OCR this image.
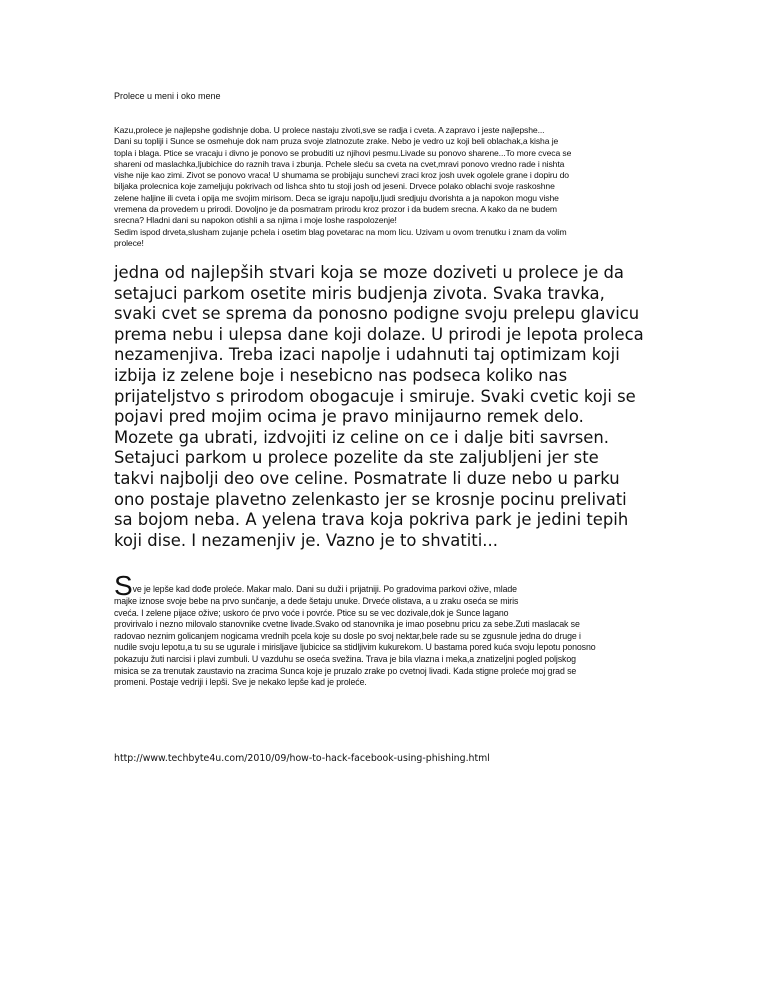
Prolece u meni i oko mene

Kazu,prolece je najlepshe godishnje doba. U prolece nastaju zivoti,sve se radja i cveta. A zapravo i jeste najlepshe...
Dani su topliji i Sunce se osmehuje dok nam pruza svoje zlatnozute zrake. Nebo je vedro uz koji beli oblachak,a kisha je
topla i blaga. Ptice se vracaju i divno je ponovo se probuditi uz njihovi pesmu.Livade su ponovo sharene...To more cveca se
shareni od maslachka,ljubichice do raznih trava i zbunja. Pchele sleću sa cveta na cvet,mravi ponovo vredno rade i nishta
vishe nije kao zimi. Zivot se ponovo vraca! U shumama se probijaju sunchevi zraci kroz josh uvek ogolele grane i dopiru do
biljaka prolecnica koje zameljuju pokrivach od lishca shto tu stoji josh od jeseni. Drvece polako oblachi svoje raskoshne
zelene haljine ili cveta i opija me svojim mirisom. Deca se igraju napolju,ljudi sredjuju dvorishta a ja napokon mogu vishe
vremena da provedem u prirodi. Dovoljno je da posmatram prirodu kroz prozor i da budem srecna. A kako da ne budem
srecna? Hladni dani su napokon otishli a sa njima i moje loshe raspolozenje!
Sedim ispod drveta,slusham zujanje pchela i osetim blag povetarac na mom licu. Uzivam u ovom trenutku i znam da volim
prolece!

jedna od najlepših stvari koja se moze doziveti u prolece je da
setajuci parkom osetite miris budjenja zivota. Svaka travka,
svaki cvet se sprema da ponosno podigne svoju prelepu glavicu
prema nebu i ulepsa dane koji dolaze. U prirodi je lepota proleca
nezamenjiva. Treba izaci napolje i udahnuti taj optimizam koji
izbija iz zelene boje i nesebicno nas podseca koliko nas
prijateljstvo s prirodom obogacuje i smiruje. Svaki cvetic koji se
pojavi pred mojim ocima je pravo minijaurno remek delo.
Mozete ga ubrati, izdvojiti iz celine on ce i dalje biti savrsen.
Setajuci parkom u prolece pozelite da ste zaljubljeni jer ste
takvi najbolji deo ove celine. Posmatrate li duze nebo u parku
ono postaje plavetno zelenkasto jer se krosnje pocinu prelivati
sa bojom neba. A yelena trava koja pokriva park je jedini tepih
koji dise. I nezamenjiv je. Vazno je to shvatiti...

Sve je lepše kad dođe proleće. Makar malo. Dani su duži i prijatniji. Po gradovima parkovi ožive, mlade
majke iznose svoje bebe na prvo sunčanje, a dede šetaju unuke. Drveće olistava, a u zraku oseća se miris
cveća. I zelene pijace ožive; uskoro će prvo voće i povrće. Ptice su se vec dozivale,dok je Sunce lagano
provirivalo i nezno milovalo stanovnike cvetne livade.Svako od stanovnika je imao posebnu pricu za sebe.Zuti maslacak se
radovao neznim golicanjem nogicama vrednih pcela koje su dosle po svoj nektar,bele rade su se zgusnule jedna do druge i
nudile svoju lepotu,a tu su se ugurale i mirisljave ljubicice sa stidljivim kukurekom. U bastama pored kuća svoju lepotu ponosno
pokazuju žuti narcisi i plavi zumbuli. U vazduhu se oseća svežina. Trava je bila vlazna i meka,a znatizeljni pogled poljskog
misica se za trenutak zaustavio na zracima Sunca koje je pruzalo zrake po cvetnoj livadi. Kada stigne proleće moj grad se
promeni. Postaje vedriji i lepši. Sve je nekako lepše kad je proleće.

http://www.techbyte4u.com/2010/09/how-to-hack-facebook-using-phishing.html
